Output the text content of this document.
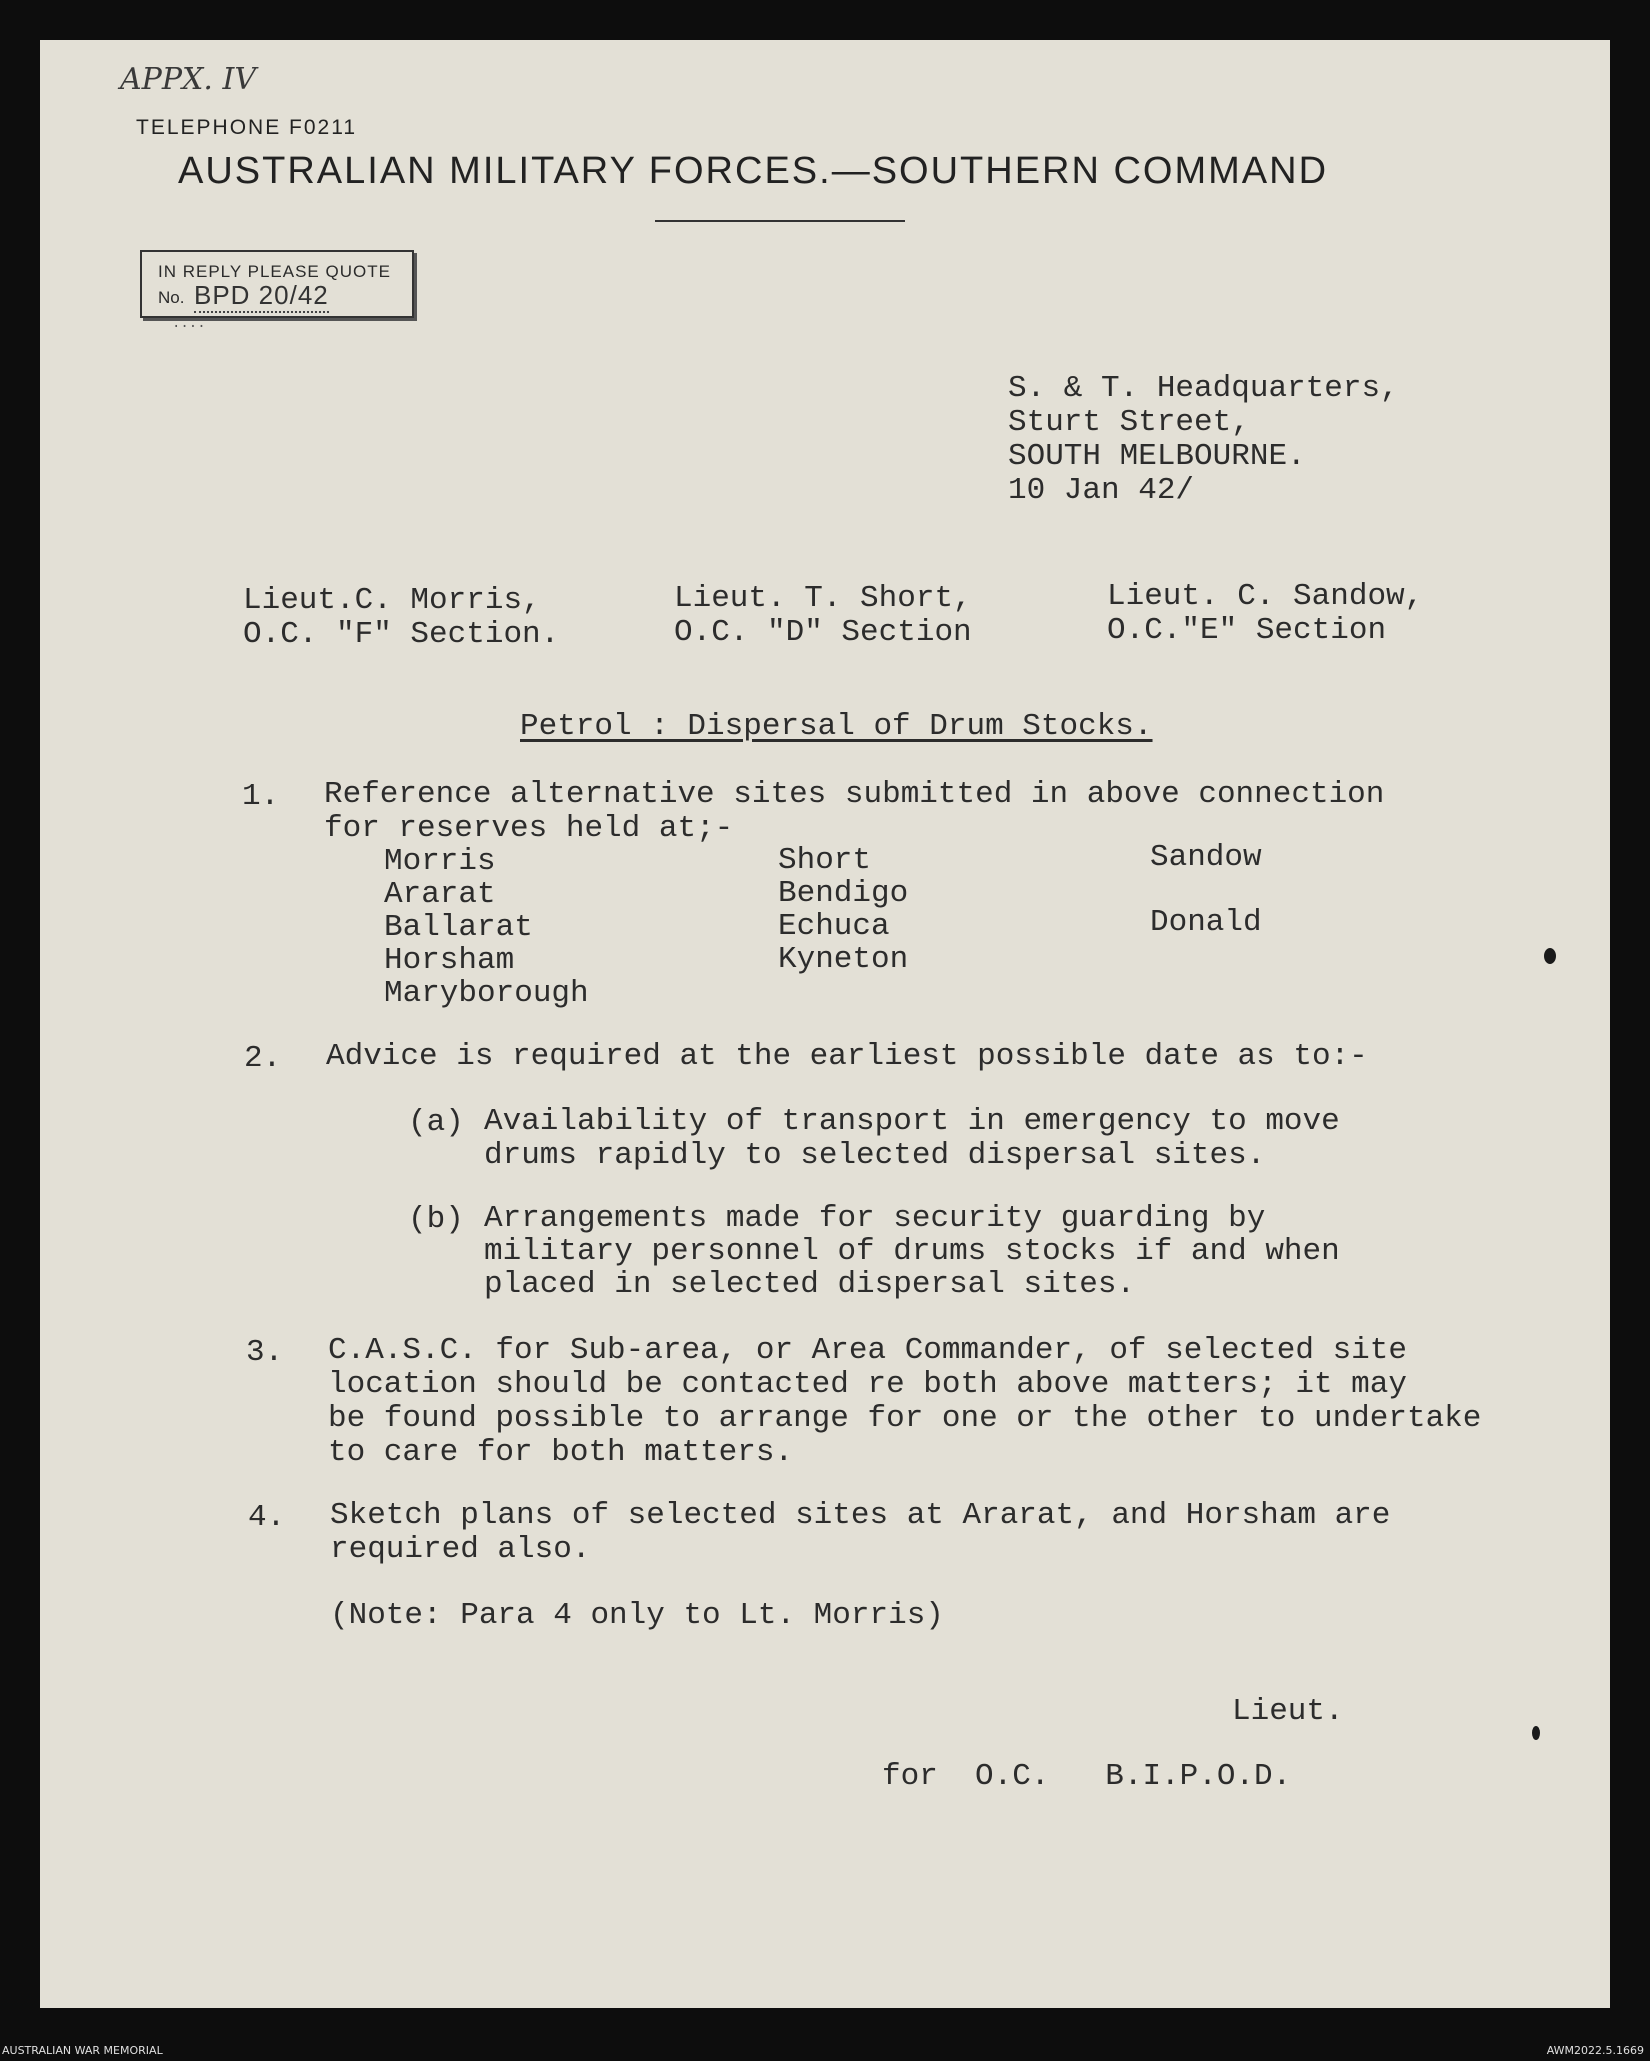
APPX. IV
TELEPHONE F0211
AUSTRALIAN MILITARY FORCES.—SOUTHERN COMMAND
IN REPLY PLEASE QUOTE
No. BPD 20/42
....
S. & T. Headquarters,
Sturt Street,
SOUTH MELBOURNE.
10 Jan 42/
Lieut.C. Morris,
O.C. "F" Section.
Lieut. T. Short,
O.C. "D" Section
Lieut. C. Sandow,
O.C."E" Section
Petrol : Dispersal of Drum Stocks.
1. Reference alternative sites submitted in above connection
for reserves held at;-
Morris
Ararat
Ballarat
Horsham
Maryborough
Short
Bendigo
Echuca
Kyneton
Sandow
Donald
2. Advice is required at the earliest possible date as to:-
(a) Availability of transport in emergency to move
drums rapidly to selected dispersal sites.
(b) Arrangements made for security guarding by
military personnel of drums stocks if and when
placed in selected dispersal sites.
3. C.A.S.C. for Sub-area, or Area Commander, of selected site
location should be contacted re both above matters; it may
be found possible to arrange for one or the other to undertake
to care for both matters.
4. Sketch plans of selected sites at Ararat, and Horsham are
required also.
(Note: Para 4 only to Lt. Morris)
Lieut.
for  O.C.   B.I.P.O.D.
AUSTRALIAN WAR MEMORIAL	AWM2022.5.1669
